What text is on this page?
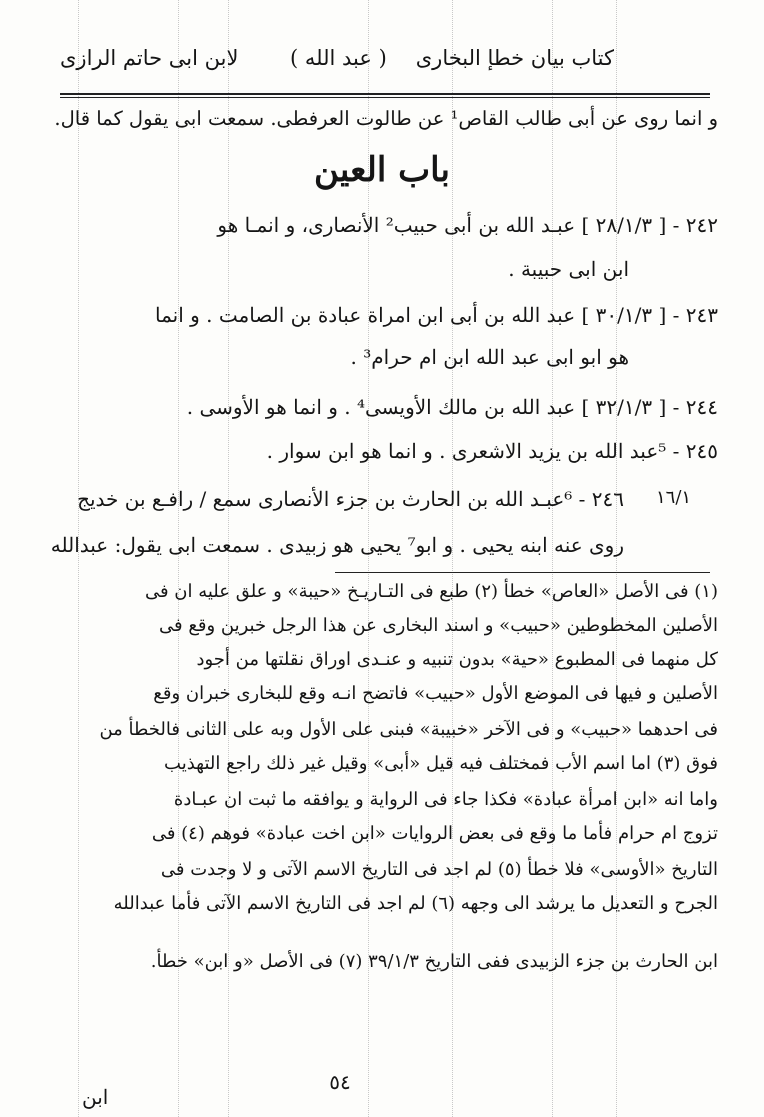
كتاب بيان خطإ البخارى
( عبد الله )
لابن ابى حاتم الرازى
و انما روى عن أبى طالب القاص¹ عن طالوت العرفطى. سمعت ابى يقول كما قال.
باب العين
٢٤٢ - [ ٢٨/١/٣ ] عبـد الله بن أبى حبيب² الأنصارى، و انمـا هو
ابن ابى حبيبة .
٢٤٣ - [ ٣٠/١/٣ ] عبد الله بن أبى ابن امراة عبادة بن الصامت . و انما
هو ابو ابى عبد الله ابن ام حرام³ .
٢٤٤ - [ ٣٢/١/٣ ] عبد الله بن مالك الأويسى⁴ . و انما هو الأوسى .
٢٤٥ - ⁵عبد الله بن يزيد الاشعرى . و انما هو ابن سوار .
٢٤٦ - ⁶عبـد الله بن الحارث بن جزء الأنصارى سمع / رافـع بن خديج
روى عنه ابنه يحيى . و ابو⁷ يحيى هو زبيدى . سمعت ابى يقول: عبدالله
١٦/١
(١) فى الأصل «العاص» خطأ (٢) طبع فى التـاريـخ «حيبة» و علق عليه ان فى
الأصلين المخطوطين «حبيب» و اسند البخارى عن هذا الرجل خبرين وقع فى
كل منهما فى المطبوع «حية» بدون تنبيه و عنـدى اوراق نقلتها من أجود
الأصلين و فيها فى الموضع الأول «حبيب» فاتضح انـه وقع للبخارى خبران وقع
فى احدهما «حبيب» و فى الآخر «خبيبة» فبنى على الأول وبه على الثانى فالخطأ من
فوق (٣) اما اسم الأب فمختلف فيه قيل «أبى» وقيل غير ذلك راجع التهذيب
واما انه «ابن امرأة عبادة» فكذا جاء فى الرواية و يوافقه ما ثبت ان عبـادة
تزوج ام حرام فأما ما وقع فى بعض الروايات «ابن اخت عبادة» فوهم (٤) فى
التاريخ «الأوسى» فلا خطأ (٥) لم اجد فى التاريخ الاسم الآتى و لا وجدت فى
الجرح و التعديل ما يرشد الى وجهه (٦) لم اجد فى التاريخ الاسم الآتى فأما عبدالله
ابن الحارث بن جزء الزبيدى ففى التاريخ ٣٩/١/٣ (٧) فى الأصل «و ابن» خطأ.
٥٤
ابن
